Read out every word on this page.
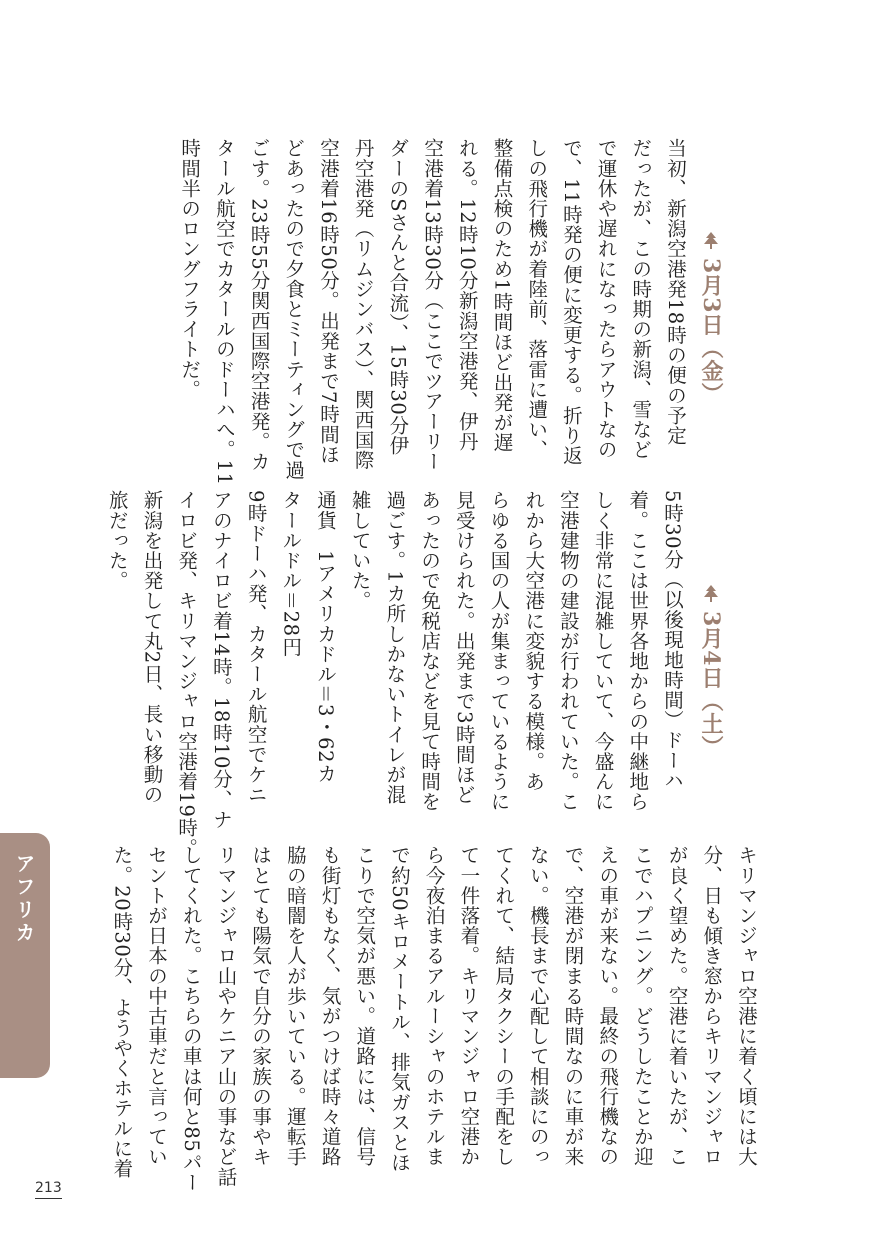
3月3日（金）
当初、新潟空港発18時の便の予定
だったが、この時期の新潟、雪など
で運休や遅れになったらアウトなの
で、11時発の便に変更する。折り返
しの飛行機が着陸前、落雷に遭い、
整備点検のため1時間ほど出発が遅
れる。12時10分新潟空港発、伊丹
空港着13時30分（ここでツアーリー
ダーのSさんと合流）、15時30分伊
丹空港発（リムジンバス）、関西国際
空港着16時50分。出発まで7時間ほ
どあったので夕食とミーティングで過
ごす。23時55分関西国際空港発。カ
タール航空でカタールのドーハへ。11
時間半のロングフライトだ。
3月4日（土）
5時30分（以後現地時間）ドーハ
着。ここは世界各地からの中継地ら
しく非常に混雑していて、今盛んに
空港建物の建設が行われていた。こ
れから大空港に変貌する模様。あ
らゆる国の人が集まっているように
見受けられた。出発まで3時間ほど
あったので免税店などを見て時間を
過ごす。1カ所しかないトイレが混
雑していた。
通貨　1アメリカドル＝3・62カ
タールドル＝28円
9時ドーハ発、カタール航空でケニ
アのナイロビ着14時。18時10分、ナ
イロビ発、キリマンジャロ空港着19時。
新潟を出発して丸2日、長い移動の
旅だった。
キリマンジャロ空港に着く頃には大
分、日も傾き窓からキリマンジャロ
が良く望めた。空港に着いたが、こ
こでハプニング。どうしたことか迎
えの車が来ない。最終の飛行機なの
で、空港が閉まる時間なのに車が来
ない。機長まで心配して相談にのっ
てくれて、結局タクシーの手配をし
て一件落着。キリマンジャロ空港か
ら今夜泊まるアルーシャのホテルま
で約50キロメートル、排気ガスとほ
こりで空気が悪い。道路には、信号
も街灯もなく、気がつけば時々道路
脇の暗闇を人が歩いている。運転手
はとても陽気で自分の家族の事やキ
リマンジャロ山やケニア山の事など話
してくれた。こちらの車は何と85パー
セントが日本の中古車だと言ってい
た。20時30分、ようやくホテルに着
アフリカ
213
